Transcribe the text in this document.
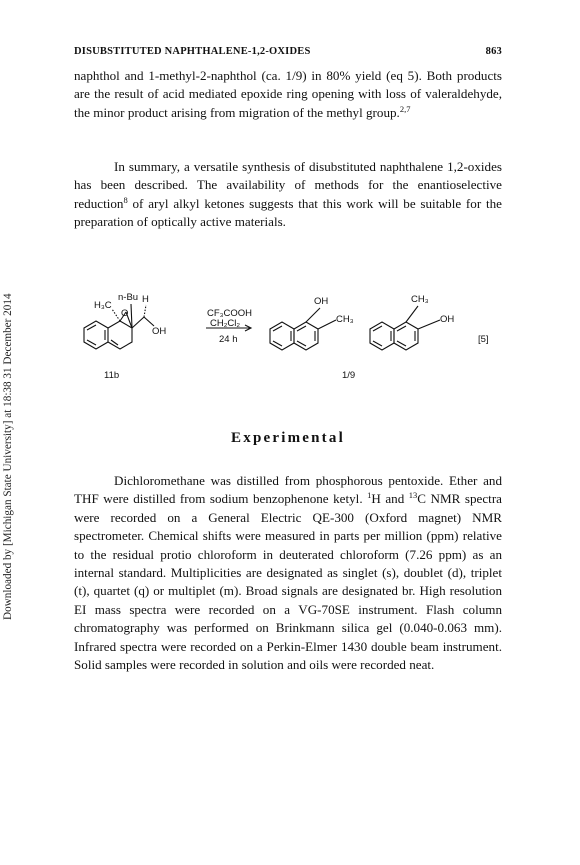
DISUBSTITUTED NAPHTHALENE-1,2-OXIDES	863
Downloaded by [Michigan State University] at 18:38 31 December 2014
naphthol and 1-methyl-2-naphthol (ca. 1/9) in 80% yield (eq 5). Both products are the result of acid mediated epoxide ring opening with loss of valeraldehyde, the minor product arising from migration of the methyl group.$^{2,7}$
In summary, a versatile synthesis of disubstituted naphthalene 1,2-oxides has been described. The availability of methods for the enantioselective reduction$^8$ of aryl alkyl ketones suggests that this work will be suitable for the preparation of optically active materials.
H₃C
n-Bu H
O
OH
CF₃COOH
CH₂Cl₂
24 h
OH
CH₃
CH₃
OH
[5]
11b	1/9
Experimental
Dichloromethane was distilled from phosphorous pentoxide. Ether and THF were distilled from sodium benzophenone ketyl. $^1$H and $^{13}$C NMR spectra were recorded on a General Electric QE-300 (Oxford magnet) NMR spectrometer. Chemical shifts were measured in parts per million (ppm) relative to the residual protio chloroform in deuterated chloroform (7.26 ppm) as an internal standard. Multiplicities are designated as singlet (s), doublet (d), triplet (t), quartet (q) or multiplet (m). Broad signals are designated br. High resolution EI mass spectra were recorded on a VG-70SE instrument. Flash column chromatography was performed on Brinkmann silica gel (0.040-0.063 mm). Infrared spectra were recorded on a Perkin-Elmer 1430 double beam instrument. Solid samples were recorded in solution and oils were recorded neat.
